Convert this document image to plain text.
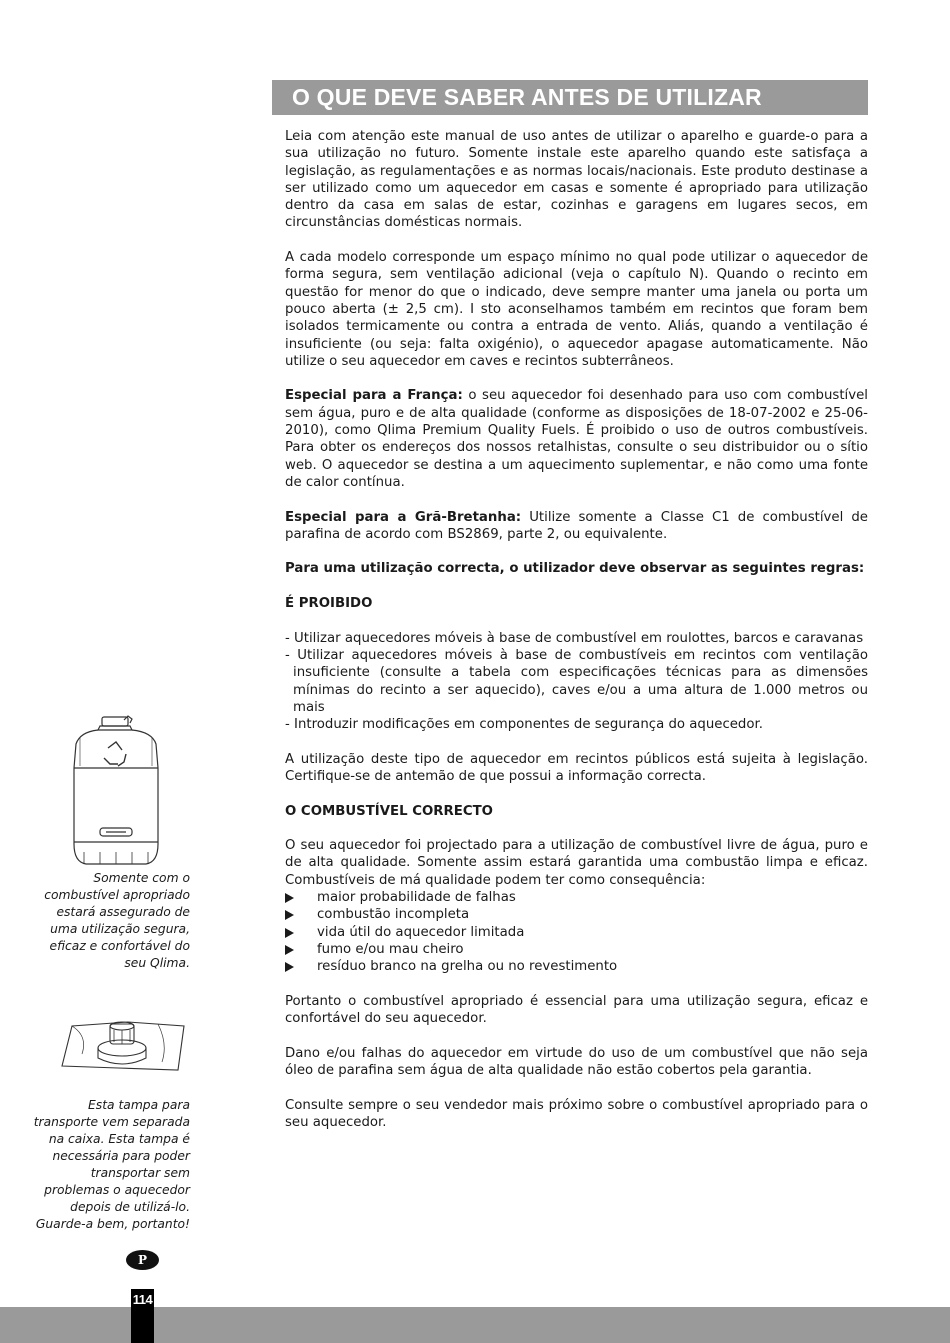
O QUE DEVE SABER ANTES DE UTILIZAR

Leia com atenção este manual de uso antes de utilizar o aparelho e guarde-o para a sua utilização no futuro. Somente instale este aparelho quando este satisfaça a legislação, as regulamentações e as normas locais/nacionais. Este produto destinase a ser utilizado como um aquecedor em casas e somente é apropriado para utilização dentro da casa em salas de estar, cozinhas e garagens em lugares secos, em circunstâncias domésticas normais.

A cada modelo corresponde um espaço mínimo no qual pode utilizar o aquecedor de forma segura, sem ventilação adicional (veja o capítulo N). Quando o recinto em questão for menor do que o indicado, deve sempre manter uma janela ou porta um pouco aberta (± 2,5 cm). I sto aconselhamos também em recintos que foram bem isolados termicamente ou contra a entrada de vento. Aliás, quando a ventilação é insuficiente (ou seja: falta oxigénio), o aquecedor apagase automaticamente. Não utilize o seu aquecedor em caves e recintos subterrâneos.

Especial para a França: o seu aquecedor foi desenhado para uso com combustível sem água, puro e de alta qualidade (conforme as disposições de 18-07-2002 e 25-06-2010), como Qlima Premium Quality Fuels. É proibido o uso de outros combustíveis. Para obter os endereços dos nossos retalhistas, consulte o seu distribuidor ou o sítio web. O aquecedor se destina a um aquecimento suplementar, e não como uma fonte de calor contínua.

Especial para a Grã-Bretanha: Utilize somente a Classe C1 de combustível de parafina de acordo com BS2869, parte 2, ou equivalente.

Para uma utilização correcta, o utilizador deve observar as seguintes regras:

É PROIBIDO

- Utilizar aquecedores móveis à base de combustível em roulottes, barcos e caravanas
- Utilizar aquecedores móveis à base de combustíveis em recintos com ventilação insuficiente (consulte a tabela com especificações técnicas para as dimensões mínimas do recinto a ser aquecido), caves e/ou a uma altura de 1.000 metros ou mais
- Introduzir modificações em componentes de segurança do aquecedor.

A utilização deste tipo de aquecedor em recintos públicos está sujeita à legislação. Certifique-se de antemão de que possui a informação correcta.

O COMBUSTÍVEL CORRECTO

O seu aquecedor foi projectado para a utilização de combustível livre de água, puro e de alta qualidade. Somente assim estará garantida uma combustão limpa e eficaz. Combustíveis de má qualidade podem ter como consequência:

maior probabilidade de falhas
combustão incompleta
vida útil do aquecedor limitada
fumo e/ou mau cheiro
resíduo branco na grelha ou no revestimento

Portanto o combustível apropriado é essencial para uma utilização segura, eficaz e confortável do seu aquecedor.

Dano e/ou falhas do aquecedor em virtude do uso de um combustível que não seja óleo de parafina sem água de alta qualidade não estão cobertos pela garantia.

Consulte sempre o seu vendedor mais próximo sobre o combustível apropriado para o seu aquecedor.

Somente com o combustível apropriado estará assegurado de uma utilização segura, eficaz e confortável do seu Qlima.

Esta tampa para transporte vem separada na caixa. Esta tampa é necessária para poder transportar sem problemas o aquecedor depois de utilizá-lo. Guarde-a bem, portanto!

P
114
